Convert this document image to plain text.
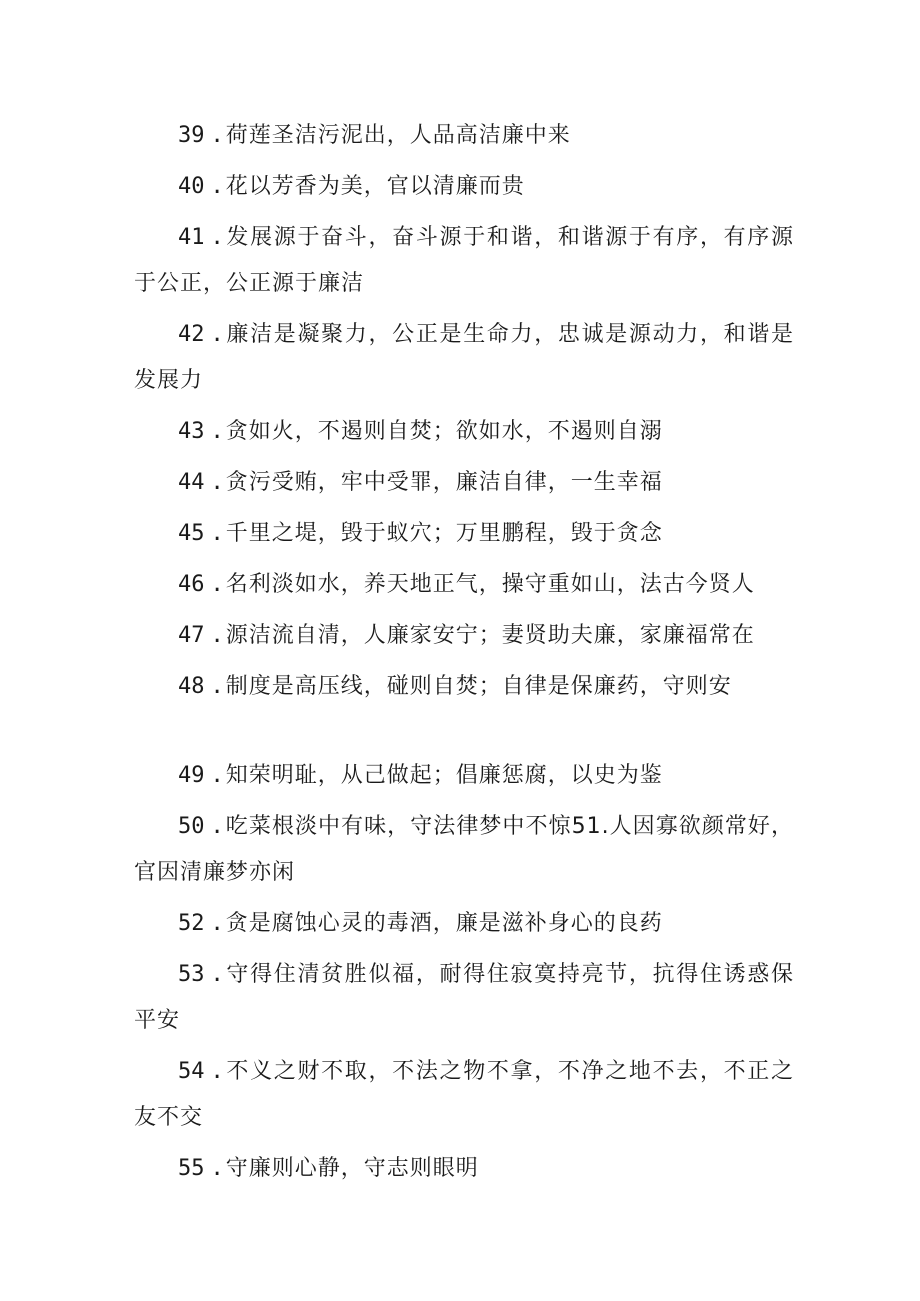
39 .荷莲圣洁污泥出，人品高洁廉中来

40 .花以芳香为美，官以清廉而贵

41 .发展源于奋斗，奋斗源于和谐，和谐源于有序，有序源于公正，公正源于廉洁

42 .廉洁是凝聚力，公正是生命力，忠诚是源动力，和谐是发展力

43 .贪如火，不遏则自焚；欲如水，不遏则自溺

44 .贪污受贿，牢中受罪，廉洁自律，一生幸福

45 .千里之堤，毁于蚁穴；万里鹏程，毁于贪念

46 .名利淡如水，养天地正气，操守重如山，法古今贤人

47 .源洁流自清，人廉家安宁；妻贤助夫廉，家廉福常在

48 .制度是高压线，碰则自焚；自律是保廉药，守则安

49 .知荣明耻，从己做起；倡廉惩腐，以史为鉴

50 .吃菜根淡中有味，守法律梦中不惊51.人因寡欲颜常好，官因清廉梦亦闲

52 .贪是腐蚀心灵的毒酒，廉是滋补身心的良药

53 .守得住清贫胜似福，耐得住寂寞持亮节，抗得住诱惑保平安

54 .不义之财不取，不法之物不拿，不净之地不去，不正之友不交

55 .守廉则心静，守志则眼明
